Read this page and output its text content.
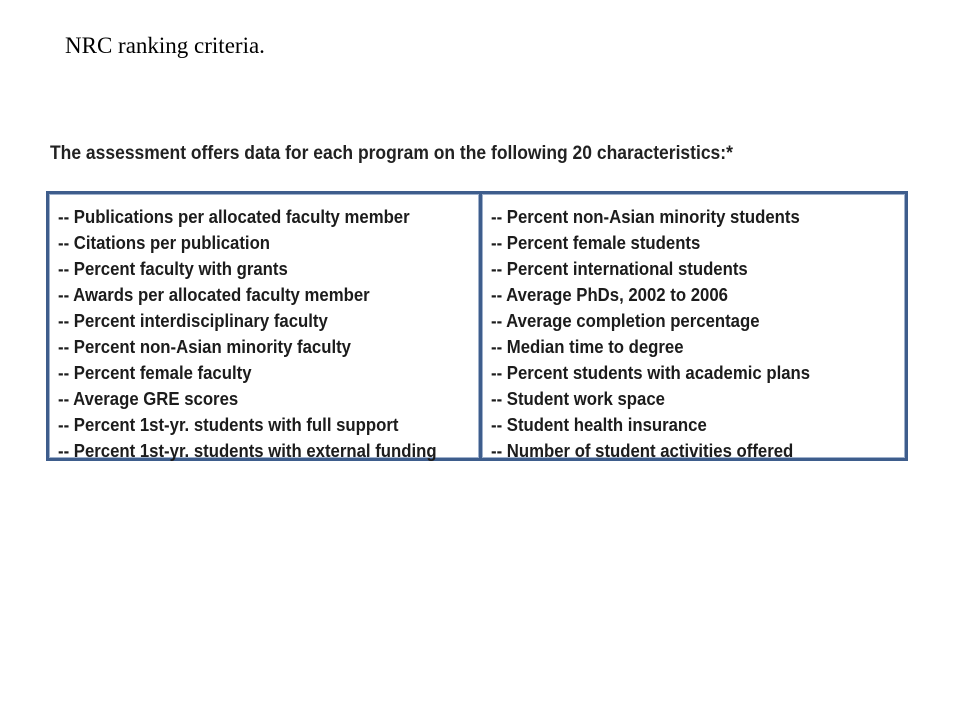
NRC ranking criteria.
The assessment offers data for each program on the following 20 characteristics:*
-- Publications per allocated faculty member
-- Citations per publication
-- Percent faculty with grants
-- Awards per allocated faculty member
-- Percent interdisciplinary faculty
-- Percent non-Asian minority faculty
-- Percent female faculty
-- Average GRE scores
-- Percent 1st-yr. students with full support
-- Percent 1st-yr. students with external funding
-- Percent non-Asian minority students
-- Percent female students
-- Percent international students
-- Average PhDs, 2002 to 2006
-- Average completion percentage
-- Median time to degree
-- Percent students with academic plans
-- Student work space
-- Student health insurance
-- Number of student activities offered
